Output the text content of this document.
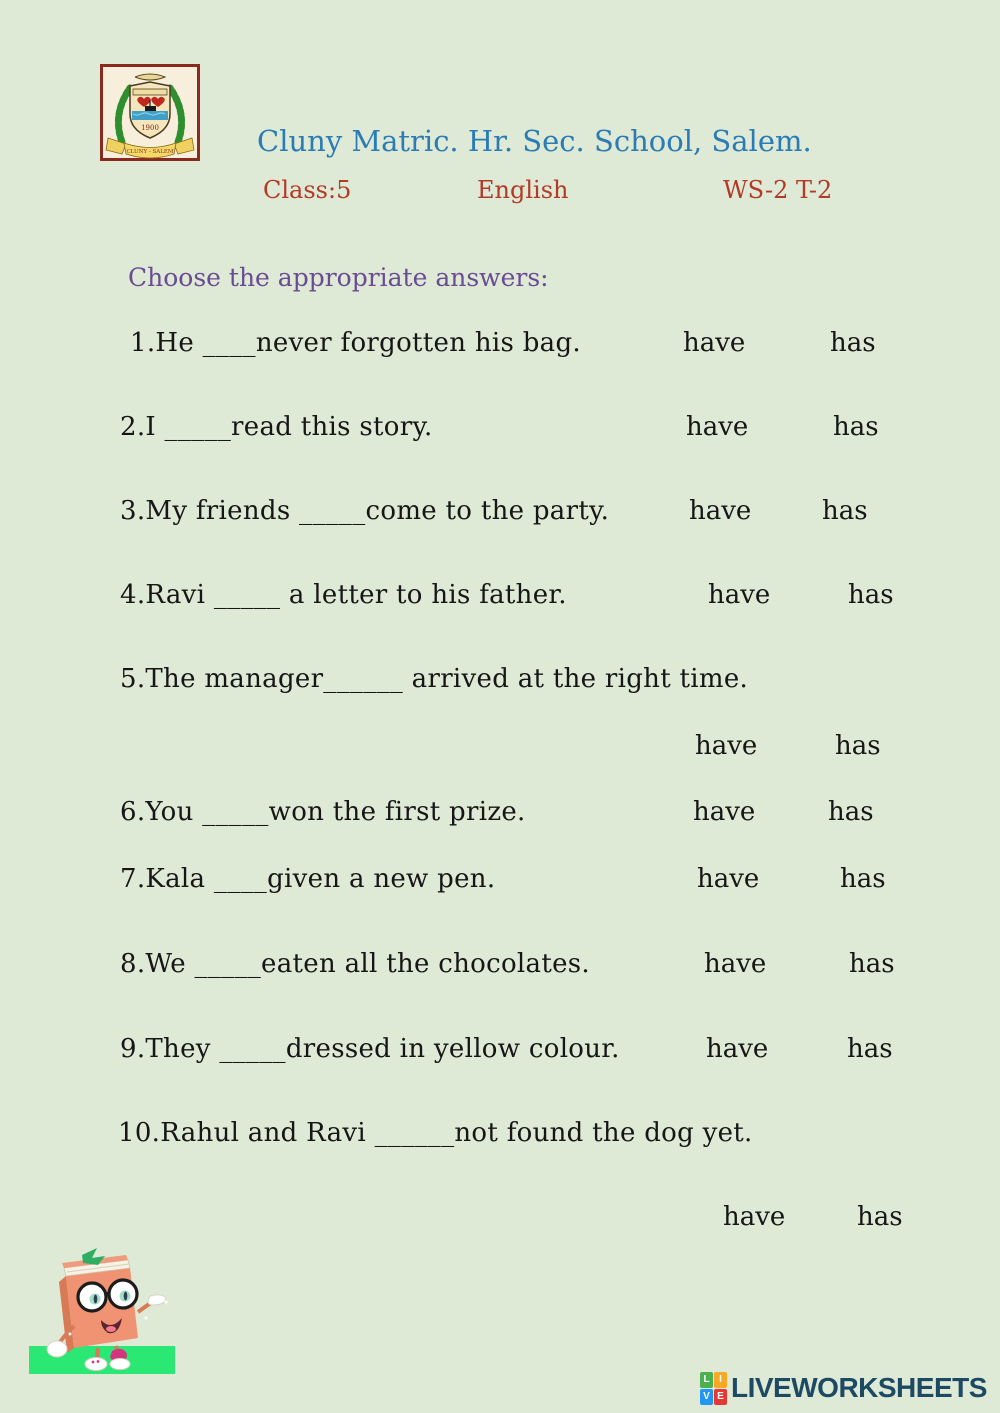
1900
CLUNY - SALEM	Cluny Matric. Hr. Sec. School, Salem.
Class:5	English	WS-2 T-2
Choose the appropriate answers:
1.He ____never forgotten his bag.
2.I _____read this story.
3.My friends _____come to the party.
4.Ravi _____ a letter to his father.
5.The manager______ arrived at the right time.
6.You _____won the first prize.
7.Kala ____given a new pen.
8.We _____eaten all the chocolates.
9.They _____dressed in yellow colour.
10.Rahul and Ravi ______not found the dog yet.
have	has
have	has
have	has
have	has
have	has
have	has
have	has
have	has
have	has
have	has
L I
V E LIVEWORKSHEETS
